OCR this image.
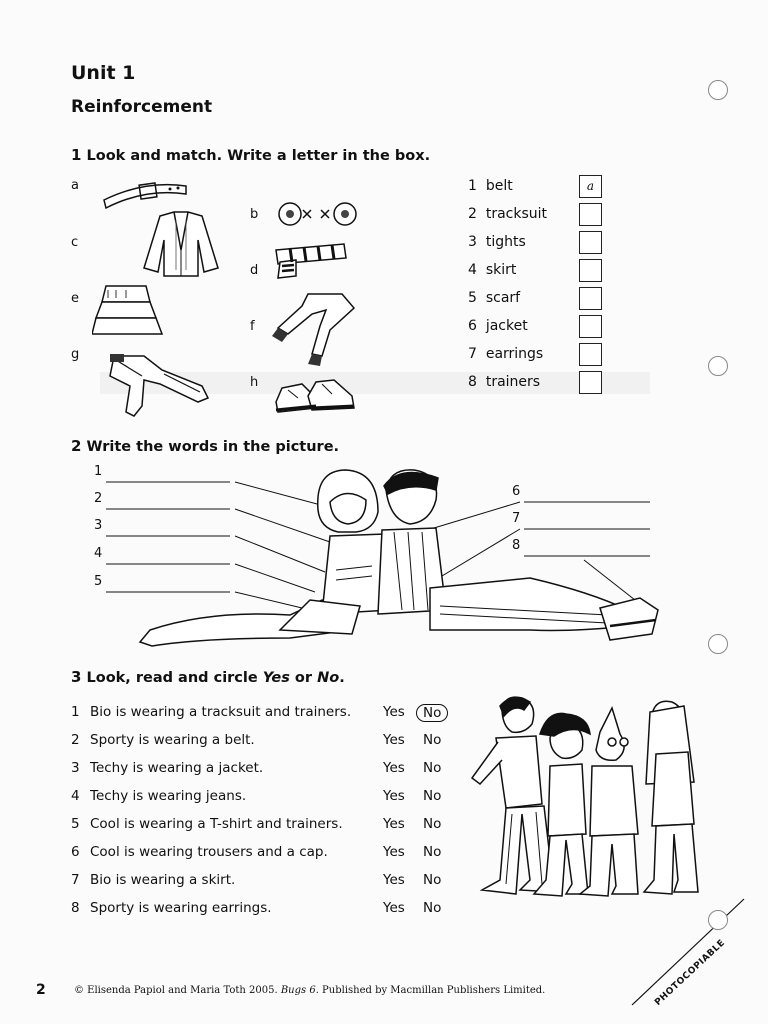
Unit 1
Reinforcement
1 Look and match. Write a letter in the box.
a
b
c
d
e
f
g
h
1 belt
2 tracksuit
3 tights
4 skirt
5 scarf
6 jacket
7 earrings
8 trainers
a
2 Write the words in the picture.
1
2
3
4
5
6
7
8
3 Look, read and circle Yes or No.
1 Bio is wearing a tracksuit and trainers. Yes	No
2 Sporty is wearing a belt.	Yes No
3 Techy is wearing a jacket.	Yes No
4 Techy is wearing jeans.	Yes No
5 Cool is wearing a T-shirt and trainers.	Yes No
6 Cool is wearing trousers and a cap.	Yes No
7 Bio is wearing a skirt.	Yes No
8 Sporty is wearing earrings.	Yes No
2	© Elisenda Papiol and Maria Toth 2005. Bugs 6. Published by Macmillan Publishers Limited.	PHOTOCOPIABLE
